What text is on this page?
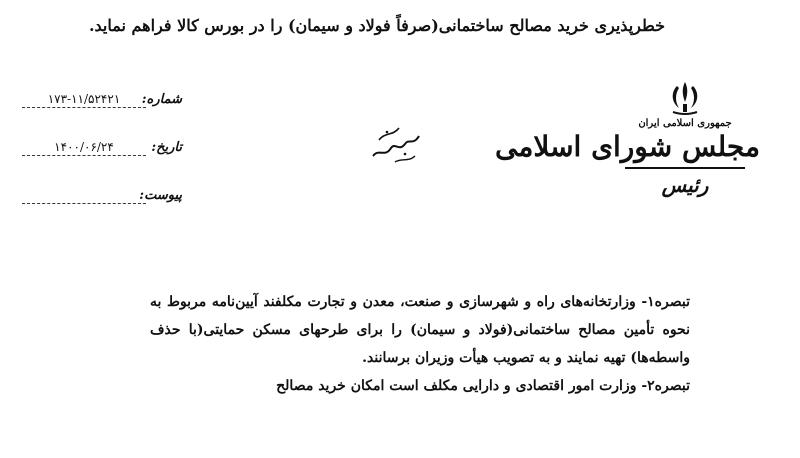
خطرپذیری خرید مصالح ساختمانی(صرفاً فولاد و سیمان) را در بورس کالا فراهم نماید.
جمهوری اسلامی ایران
مجلس شورای اسلامی
رئیس
شماره:
۱۷۳-۱۱/۵۲۴۲۱
تاریخ:
۱۴۰۰/۰۶/۲۴
پیوست:

تبصره۱- وزارتخانه‌های راه و شهرسازی و صنعت، معدن و تجارت مکلفند آیین‌نامه مربوط به نحوه تأمین مصالح ساختمانی(فولاد و سیمان) را برای طرحهای مسکن حمایتی(با حذف واسطه‌ها) تهیه نمایند و به تصویب هیأت وزیران برسانند.

تبصره۲- وزارت امور اقتصادی و دارایی مکلف است امکان خرید مصالح
